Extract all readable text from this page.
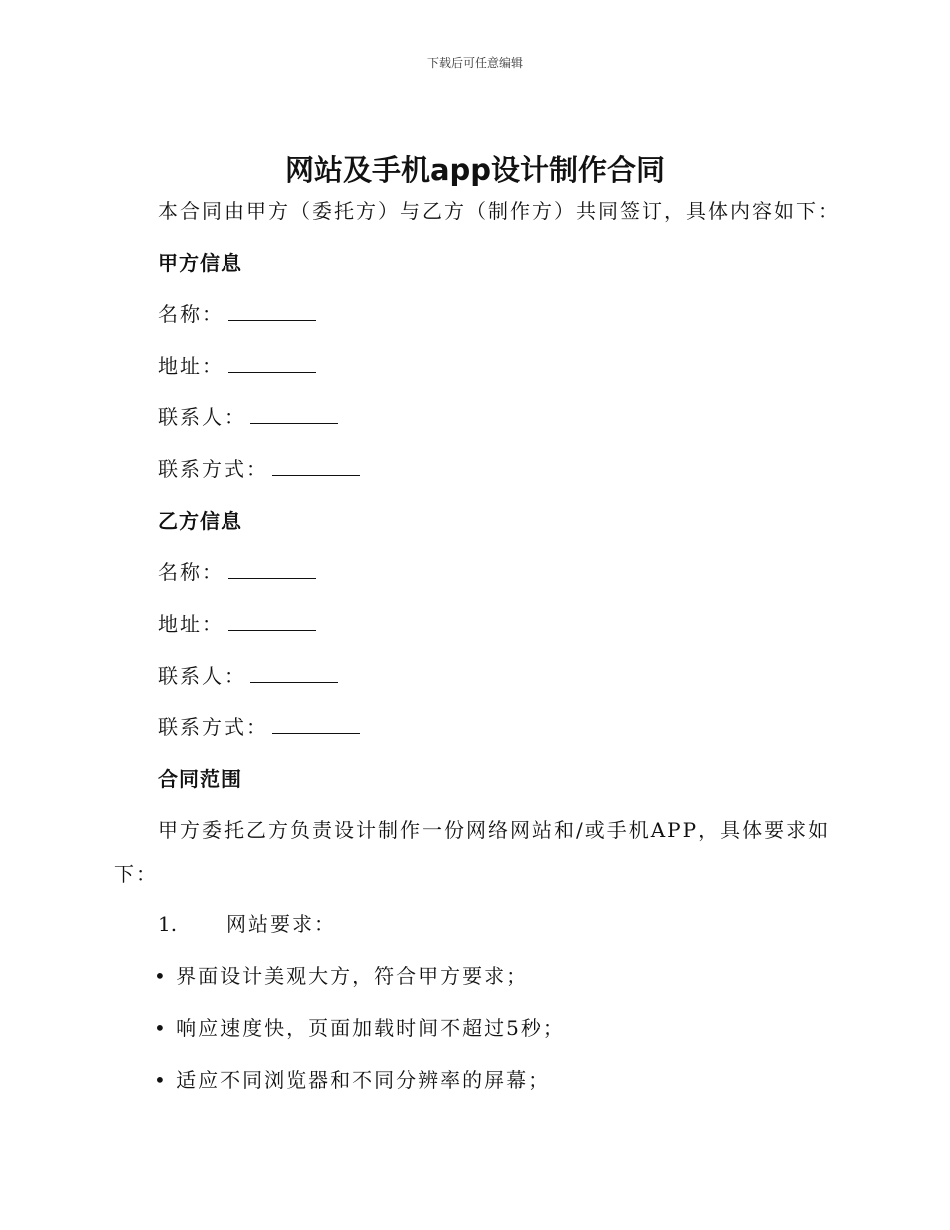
下载后可任意编辑
网站及手机app设计制作合同
本合同由甲方（委托方）与乙方（制作方）共同签订，具体内容如下：
甲方信息
名称：
地址：
联系人：
联系方式：
乙方信息
名称：
地址：
联系人：
联系方式：
合同范围
甲方委托乙方负责设计制作一份网络网站和/或手机APP，具体要求如下：
1. 网站要求：
• 界面设计美观大方，符合甲方要求；
• 响应速度快，页面加载时间不超过5秒；
• 适应不同浏览器和不同分辨率的屏幕；
